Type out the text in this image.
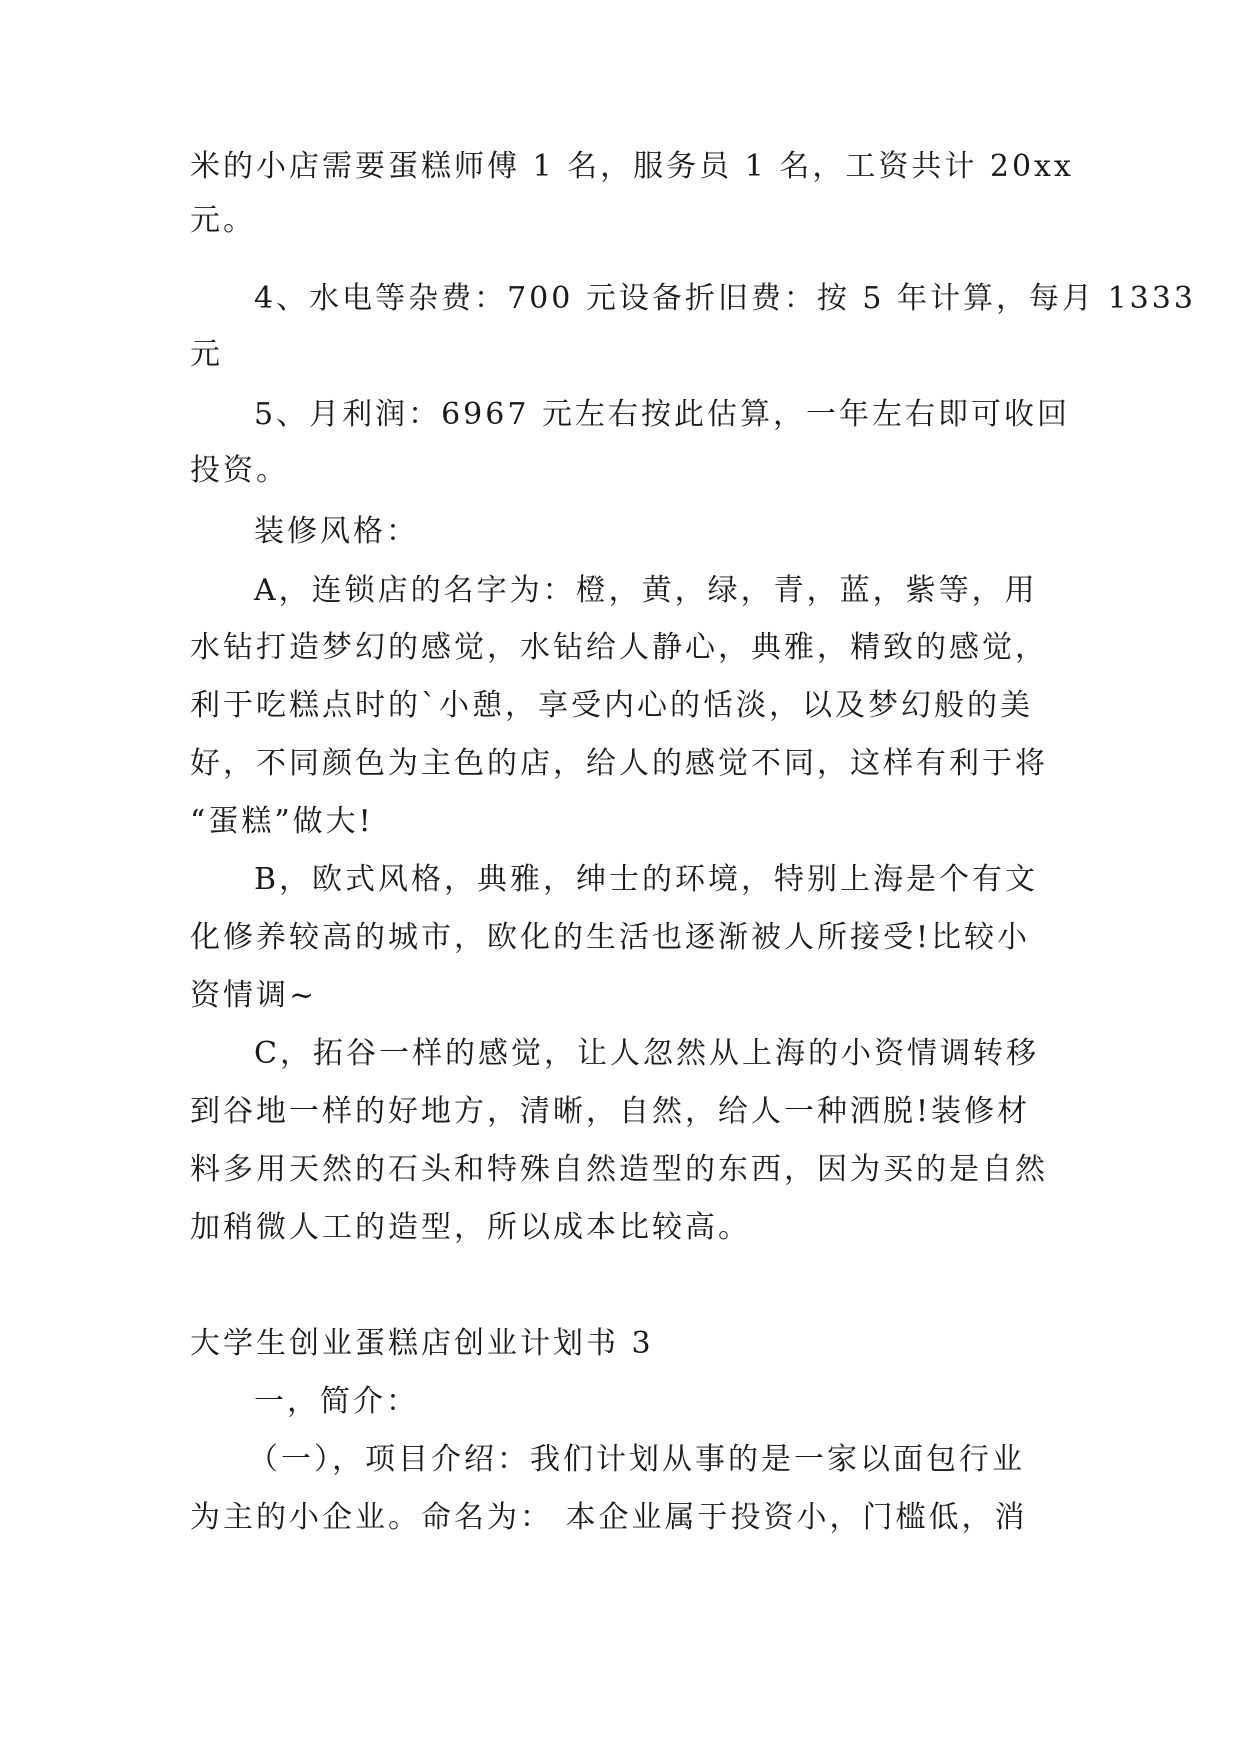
米的小店需要蛋糕师傅 1 名，服务员 1 名，工资共计 20xx
元。
4、水电等杂费：700 元设备折旧费：按 5 年计算，每月 1333
元
5、月利润：6967 元左右按此估算，一年左右即可收回
投资。
装修风格：
A，连锁店的名字为：橙，黄，绿，青，蓝，紫等，用
水钻打造梦幻的感觉，水钻给人静心，典雅，精致的感觉，
利于吃糕点时的`小憩，享受内心的恬淡，以及梦幻般的美
好，不同颜色为主色的店，给人的感觉不同，这样有利于将
“蛋糕”做大!
B，欧式风格，典雅，绅士的环境，特别上海是个有文
化修养较高的城市，欧化的生活也逐渐被人所接受!比较小
资情调~
C，拓谷一样的感觉，让人忽然从上海的小资情调转移
到谷地一样的好地方，清晰，自然，给人一种洒脱!装修材
料多用天然的石头和特殊自然造型的东西，因为买的是自然
加稍微人工的造型，所以成本比较高。
大学生创业蛋糕店创业计划书 3
一，简介：
（一），项目介绍：我们计划从事的是一家以面包行业
为主的小企业。命名为： 本企业属于投资小，门槛低，消
